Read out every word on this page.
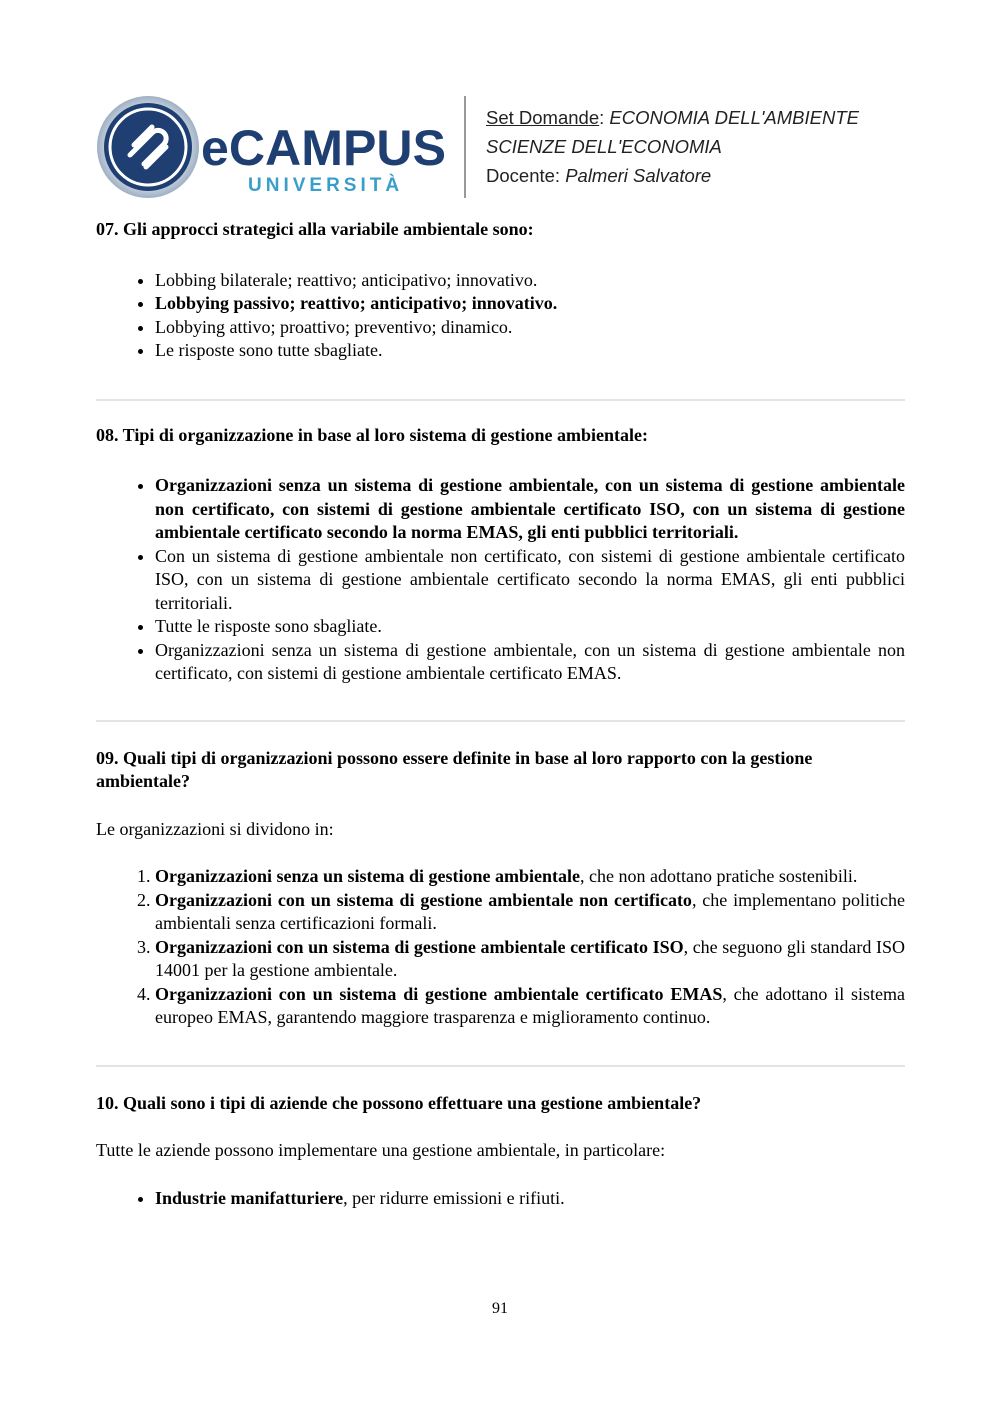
eCAMPUS
UNIVERSITÀ
Set Domande: ECONOMIA DELL'AMBIENTE
SCIENZE DELL'ECONOMIA
Docente: Palmeri Salvatore

07. Gli approcci strategici alla variabile ambientale sono:

• Lobbing bilaterale; reattivo; anticipativo; innovativo.
• Lobbying passivo; reattivo; anticipativo; innovativo.
• Lobbying attivo; proattivo; preventivo; dinamico.
• Le risposte sono tutte sbagliate.

08. Tipi di organizzazione in base al loro sistema di gestione ambientale:

• Organizzazioni senza un sistema di gestione ambientale, con un sistema di gestione ambientale non certificato, con sistemi di gestione ambientale certificato ISO, con un sistema di gestione ambientale certificato secondo la norma EMAS, gli enti pubblici territoriali.
• Con un sistema di gestione ambientale non certificato, con sistemi di gestione ambientale certificato ISO, con un sistema di gestione ambientale certificato secondo la norma EMAS, gli enti pubblici territoriali.
• Tutte le risposte sono sbagliate.
• Organizzazioni senza un sistema di gestione ambientale, con un sistema di gestione ambientale non certificato, con sistemi di gestione ambientale certificato EMAS.

09. Quali tipi di organizzazioni possono essere definite in base al loro rapporto con la gestione ambientale?

Le organizzazioni si dividono in:

1. Organizzazioni senza un sistema di gestione ambientale, che non adottano pratiche sostenibili.
2. Organizzazioni con un sistema di gestione ambientale non certificato, che implementano politiche ambientali senza certificazioni formali.
3. Organizzazioni con un sistema di gestione ambientale certificato ISO, che seguono gli standard ISO 14001 per la gestione ambientale.
4. Organizzazioni con un sistema di gestione ambientale certificato EMAS, che adottano il sistema europeo EMAS, garantendo maggiore trasparenza e miglioramento continuo.

10. Quali sono i tipi di aziende che possono effettuare una gestione ambientale?

Tutte le aziende possono implementare una gestione ambientale, in particolare:

• Industrie manifatturiere, per ridurre emissioni e rifiuti.
91
